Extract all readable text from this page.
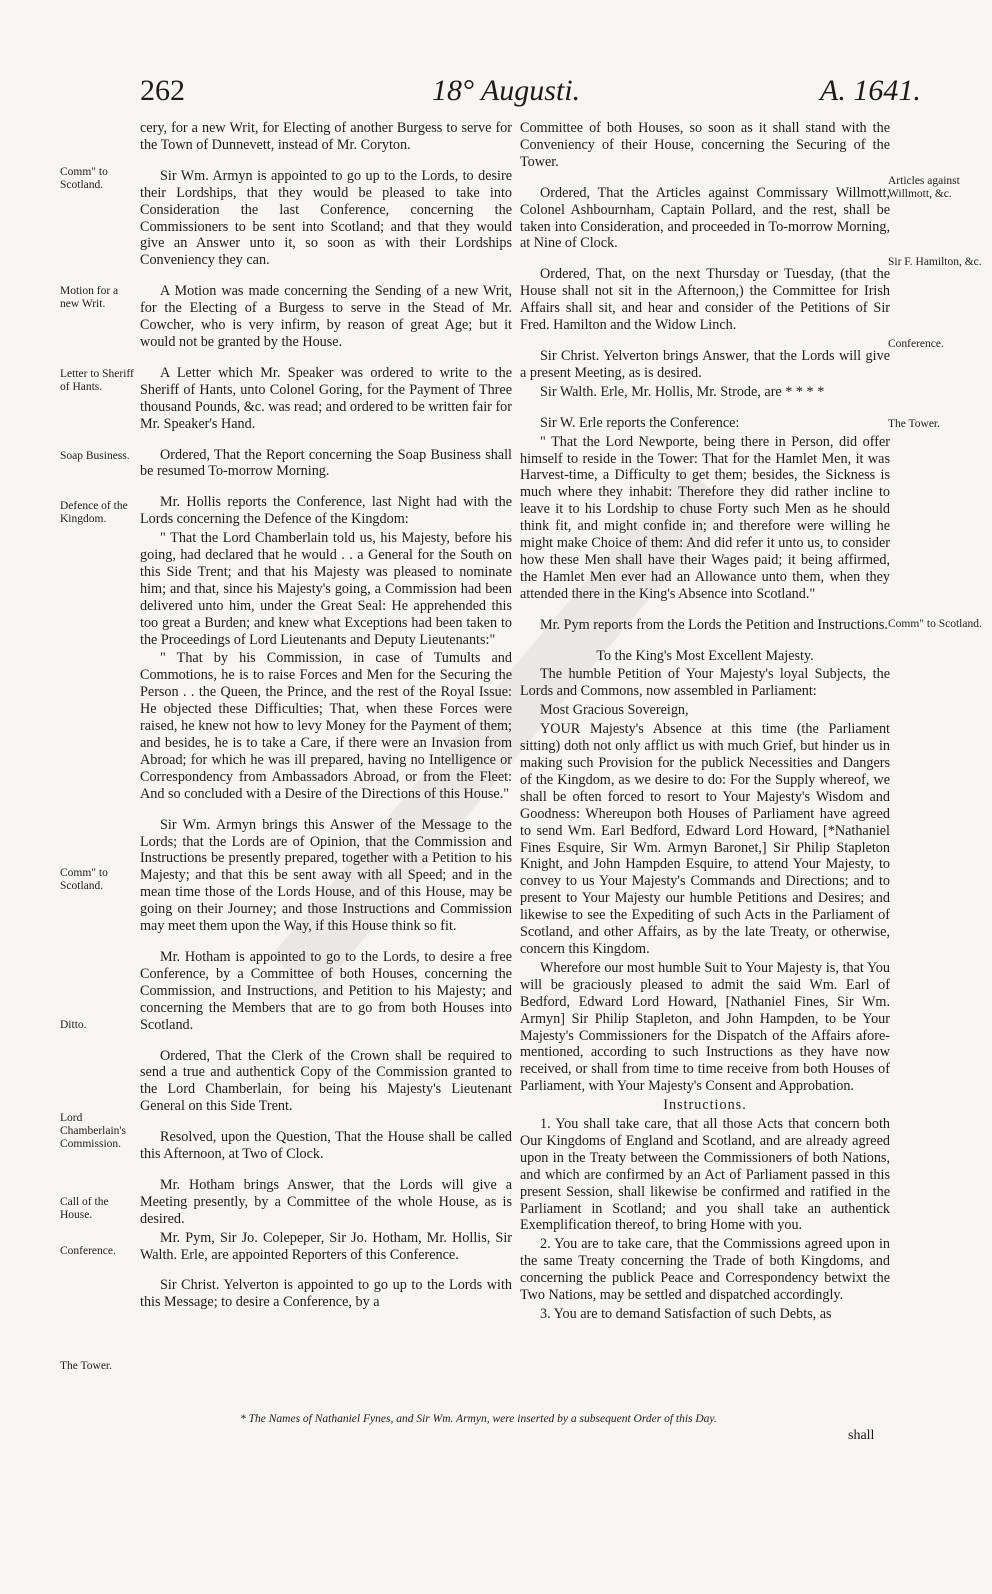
262	18° Augusti.	A. 1641.

cery, for a new Writ, for Electing of another Burgess to serve for the Town of Dunnevett, instead of Mr. Coryton.

Sir Wm. Armyn is appointed to go up to the Lords, to desire their Lordships, that they would be pleased to take into Consideration the last Conference, concerning the Commissioners to be sent into Scotland; and that they would give an Answer unto it, so soon as with their Lordships Conveniency they can.

A Motion was made concerning the Sending of a new Writ, for the Electing of a Burgess to serve in the Stead of Mr. Cowcher, who is very infirm, by reason of great Age; but it would not be granted by the House.

A Letter which Mr. Speaker was ordered to write to the Sheriff of Hants, unto Colonel Goring, for the Payment of Three thousand Pounds, &c. was read; and ordered to be written fair for Mr. Speaker's Hand.

Ordered, That the Report concerning the Soap Business shall be resumed To-morrow Morning.

Mr. Hollis reports the Conference, last Night had with the Lords concerning the Defence of the Kingdom:

" That the Lord Chamberlain told us, his Majesty, before his going, had declared that he would . . a General for the South on this Side Trent; and that his Majesty was pleased to nominate him; and that, since his Majesty's going, a Commission had been delivered unto him, under the Great Seal: He apprehended this too great a Burden; and knew what Exceptions had been taken to the Proceedings of Lord Lieutenants and Deputy Lieutenants:"

" That by his Commission, in case of Tumults and Commotions, he is to raise Forces and Men for the Securing the Person . . the Queen, the Prince, and the rest of the Royal Issue: He objected these Difficulties; That, when these Forces were raised, he knew not how to levy Money for the Payment of them; and besides, he is to take a Care, if there were an Invasion from Abroad; for which he was ill prepared, having no Intelligence or Correspondency from Ambassadors Abroad, or from the Fleet: And so concluded with a Desire of the Directions of this House."

Sir Wm. Armyn brings this Answer of the Message to the Lords; that the Lords are of Opinion, that the Commission and Instructions be presently prepared, together with a Petition to his Majesty; and that this be sent away with all Speed; and in the mean time those of the Lords House, and of this House, may be going on their Journey; and those Instructions and Commission may meet them upon the Way, if this House think so fit.

Mr. Hotham is appointed to go to the Lords, to desire a free Conference, by a Committee of both Houses, concerning the Commission, and Instructions, and Petition to his Majesty; and concerning the Members that are to go from both Houses into Scotland.

Ordered, That the Clerk of the Crown shall be required to send a true and authentick Copy of the Commission granted to the Lord Chamberlain, for being his Majesty's Lieutenant General on this Side Trent.

Resolved, upon the Question, That the House shall be called this Afternoon, at Two of Clock.

Mr. Hotham brings Answer, that the Lords will give a Meeting presently, by a Committee of the whole House, as is desired.

Mr. Pym, Sir Jo. Colepeper, Sir Jo. Hotham, Mr. Hollis, Sir Walth. Erle, are appointed Reporters of this Conference.

Sir Christ. Yelverton is appointed to go up to the Lords with this Message; to desire a Conference, by a

Committee of both Houses, so soon as it shall stand with the Conveniency of their House, concerning the Securing of the Tower.

Ordered, That the Articles against Commissary Willmott, Colonel Ashbournham, Captain Pollard, and the rest, shall be taken into Consideration, and proceeded in To-morrow Morning, at Nine of Clock.

Ordered, That, on the next Thursday or Tuesday, (that the House shall not sit in the Afternoon,) the Committee for Irish Affairs shall sit, and hear and consider of the Petitions of Sir Fred. Hamilton and the Widow Linch.

Sir Christ. Yelverton brings Answer, that the Lords will give a present Meeting, as is desired.

Sir Walth. Erle, Mr. Hollis, Mr. Strode, are * * * *

Sir W. Erle reports the Conference:

" That the Lord Newporte, being there in Person, did offer himself to reside in the Tower: That for the Hamlet Men, it was Harvest-time, a Difficulty to get them; besides, the Sickness is much where they inhabit: Therefore they did rather incline to leave it to his Lordship to chuse Forty such Men as he should think fit, and might confide in; and therefore were willing he might make Choice of them: And did refer it unto us, to consider how these Men shall have their Wages paid; it being affirmed, the Hamlet Men ever had an Allowance unto them, when they attended there in the King's Absence into Scotland."

Mr. Pym reports from the Lords the Petition and Instructions.

To the King's Most Excellent Majesty.

The humble Petition of Your Majesty's loyal Subjects, the Lords and Commons, now assembled in Parliament:

Most Gracious Sovereign,

YOUR Majesty's Absence at this time (the Parliament sitting) doth not only afflict us with much Grief, but hinder us in making such Provision for the publick Necessities and Dangers of the Kingdom, as we desire to do: For the Supply whereof, we shall be often forced to resort to Your Majesty's Wisdom and Goodness: Whereupon both Houses of Parliament have agreed to send Wm. Earl Bedford, Edward Lord Howard, [*Nathaniel Fines Esquire, Sir Wm. Armyn Baronet,] Sir Philip Stapleton Knight, and John Hampden Esquire, to attend Your Majesty, to convey to us Your Majesty's Commands and Directions; and to present to Your Majesty our humble Petitions and Desires; and likewise to see the Expediting of such Acts in the Parliament of Scotland, and other Affairs, as by the late Treaty, or otherwise, concern this Kingdom.

Wherefore our most humble Suit to Your Majesty is, that You will be graciously pleased to admit the said Wm. Earl of Bedford, Edward Lord Howard, [Nathaniel Fines, Sir Wm. Armyn] Sir Philip Stapleton, and John Hampden, to be Your Majesty's Commissioners for the Dispatch of the Affairs afore-mentioned, according to such Instructions as they have now received, or shall from time to time receive from both Houses of Parliament, with Your Majesty's Consent and Approbation.

Instructions.

1. You shall take care, that all those Acts that concern both Our Kingdoms of England and Scotland, and are already agreed upon in the Treaty between the Commissioners of both Nations, and which are confirmed by an Act of Parliament passed in this present Session, shall likewise be confirmed and ratified in the Parliament in Scotland; and you shall take an authentick Exemplification thereof, to bring Home with you.

2. You are to take care, that the Commissions agreed upon in the same Treaty concerning the Trade of both Kingdoms, and concerning the publick Peace and Correspondency betwixt the Two Nations, may be settled and dispatched accordingly.

3. You are to demand Satisfaction of such Debts, as

Comm" to Scotland.
Motion for a new Writ.
Letter to Sheriff of Hants.
Soap Business.
Defence of the Kingdom.
Comm" to Scotland.
Ditto.
Lord Chamberlain's Commission.
Call of the House.
Conference.
The Tower.
Articles against Willmott, &c.
Sir F. Hamilton, &c.
Conference.
The Tower.
Comm" to Scotland.
* The Names of Nathaniel Fynes, and Sir Wm. Armyn, were inserted by a subsequent Order of this Day.
shall
